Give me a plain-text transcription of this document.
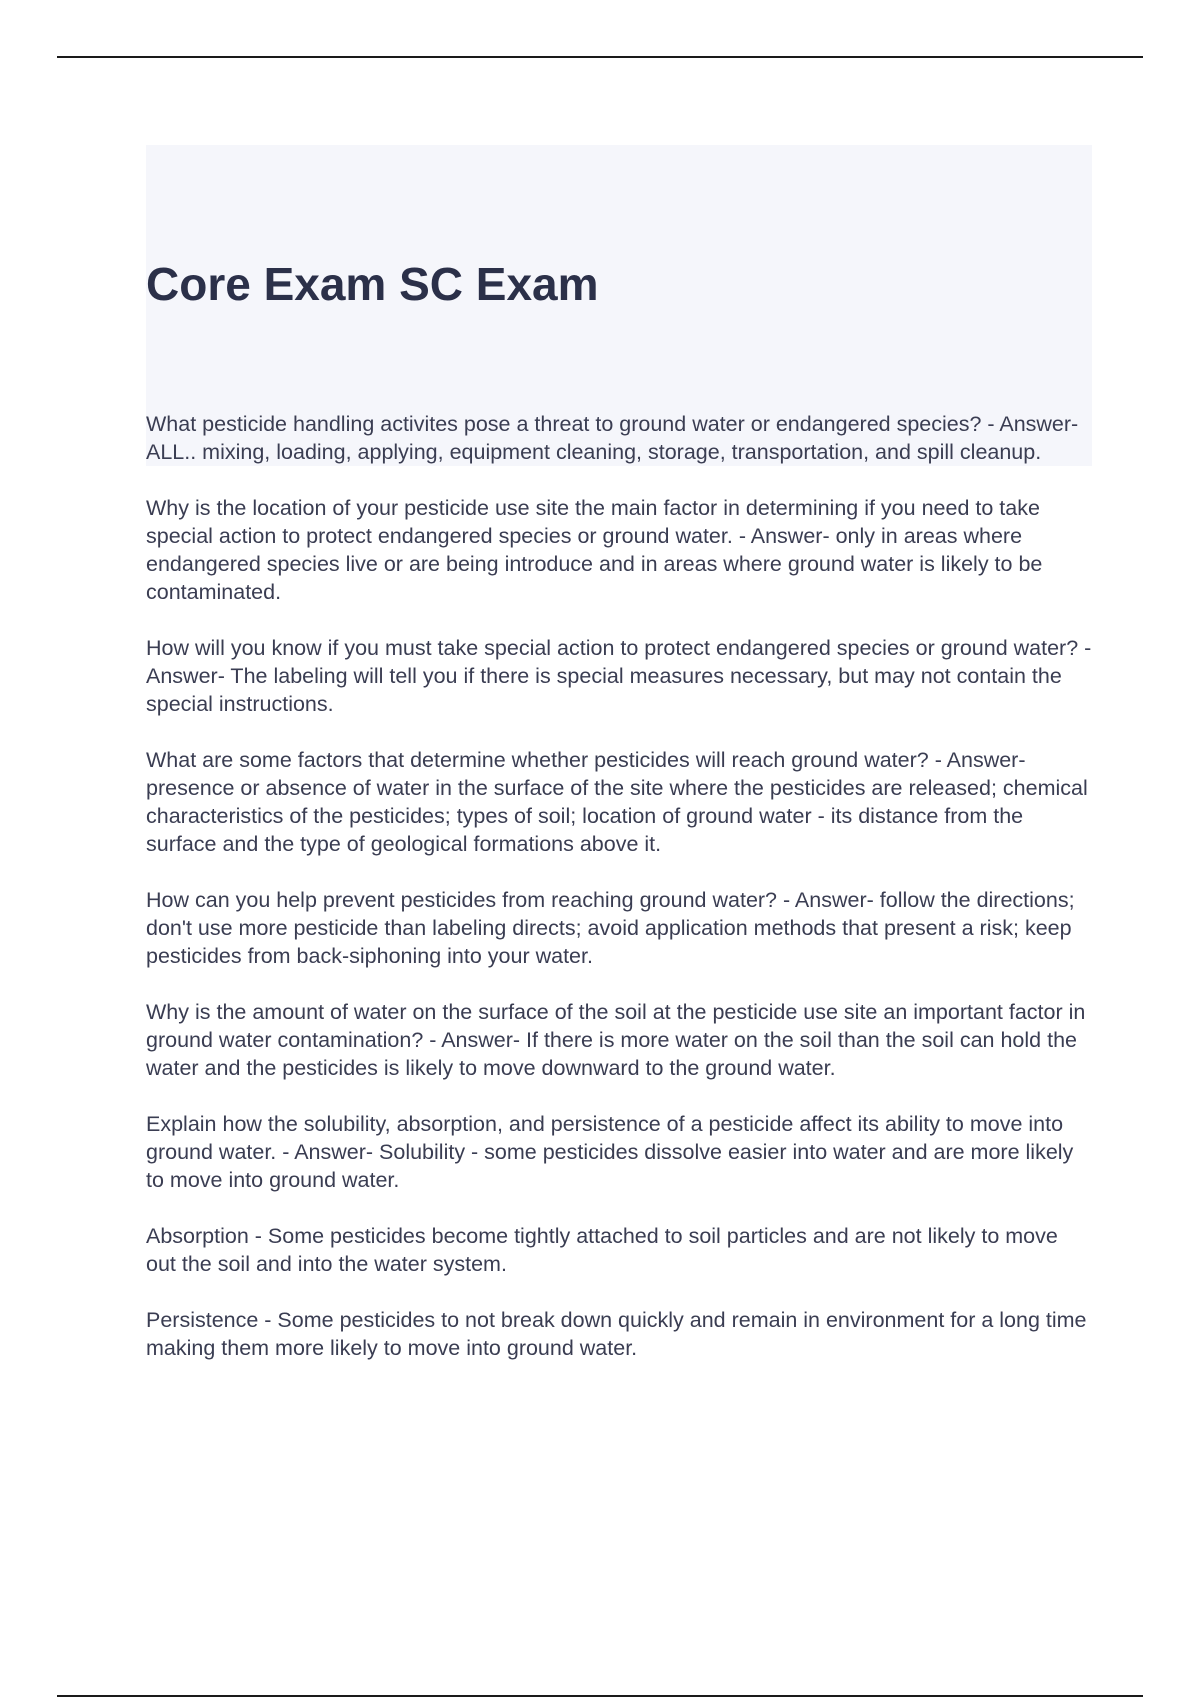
Core Exam SC Exam

What pesticide handling activites pose a threat to ground water or endangered species? - Answer- ALL.. mixing, loading, applying, equipment cleaning, storage, transportation, and spill cleanup.

Why is the location of your pesticide use site the main factor in determining if you need to take special action to protect endangered species or ground water. - Answer- only in areas where endangered species live or are being introduce and in areas where ground water is likely to be contaminated.

How will you know if you must take special action to protect endangered species or ground water? - Answer- The labeling will tell you if there is special measures necessary, but may not contain the special instructions.

What are some factors that determine whether pesticides will reach ground water? - Answer- presence or absence of water in the surface of the site where the pesticides are released; chemical characteristics of the pesticides; types of soil; location of ground water - its distance from the surface and the type of geological formations above it.

How can you help prevent pesticides from reaching ground water? - Answer- follow the directions; don't use more pesticide than labeling directs; avoid application methods that present a risk; keep pesticides from back-siphoning into your water.

Why is the amount of water on the surface of the soil at the pesticide use site an important factor in ground water contamination? - Answer- If there is more water on the soil than the soil can hold the water and the pesticides is likely to move downward to the ground water.

Explain how the solubility, absorption, and persistence of a pesticide affect its ability to move into ground water. - Answer- Solubility - some pesticides dissolve easier into water and are more likely to move into ground water.

Absorption - Some pesticides become tightly attached to soil particles and are not likely to move out the soil and into the water system.

Persistence - Some pesticides to not break down quickly and remain in environment for a long time making them more likely to move into ground water.
